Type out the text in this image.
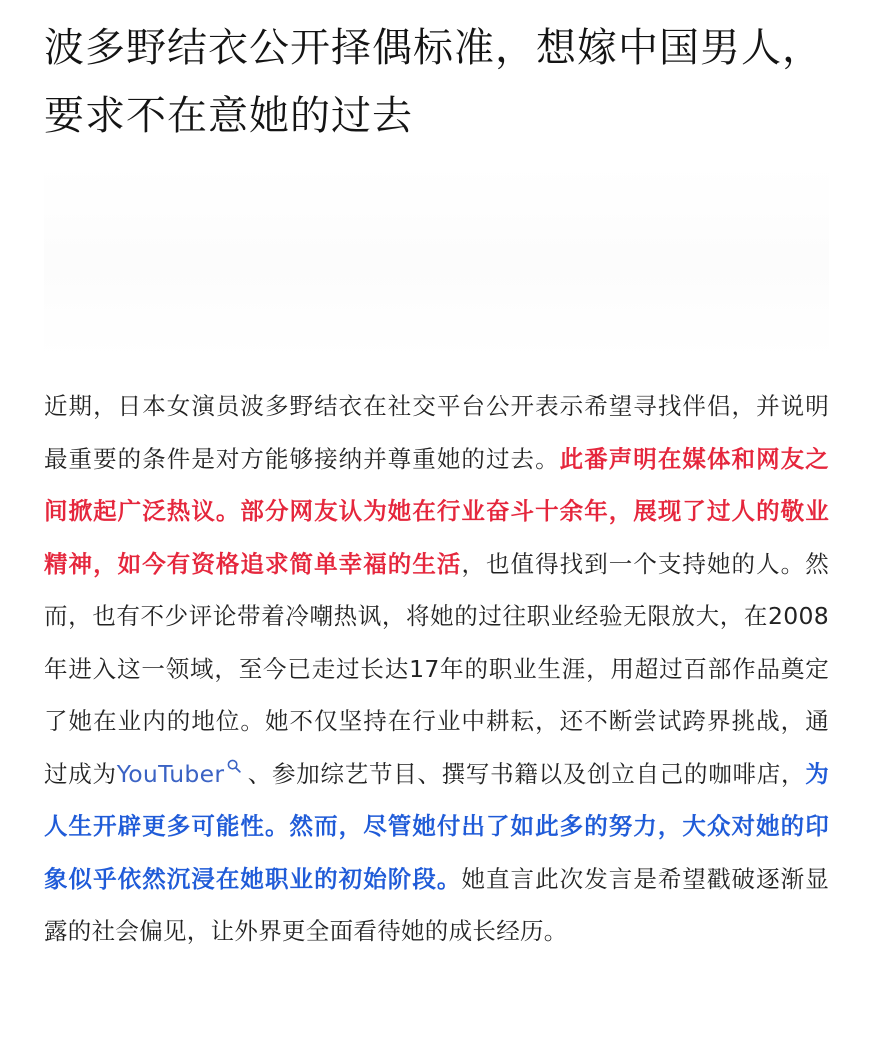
波多野结衣公开择偶标准，想嫁中国男人，要求不在意她的过去

近期，日本女演员波多野结衣在社交平台公开表示希望寻找伴侣，并说明最重要的条件是对方能够接纳并尊重她的过去。此番声明在媒体和网友之间掀起广泛热议。部分网友认为她在行业奋斗十余年，展现了过人的敬业精神，如今有资格追求简单幸福的生活，也值得找到一个支持她的人。然而，也有不少评论带着冷嘲热讽，将她的过往职业经验无限放大，在2008年进入这一领域，至今已走过长达17年的职业生涯，用超过百部作品奠定了她在业内的地位。她不仅坚持在行业中耕耘，还不断尝试跨界挑战，通过成为YouTuber 、参加综艺节目、撰写书籍以及创立自己的咖啡店，为人生开辟更多可能性。然而，尽管她付出了如此多的努力，大众对她的印象似乎依然沉浸在她职业的初始阶段。她直言此次发言是希望戳破逐渐显露的社会偏见，让外界更全面看待她的成长经历。
